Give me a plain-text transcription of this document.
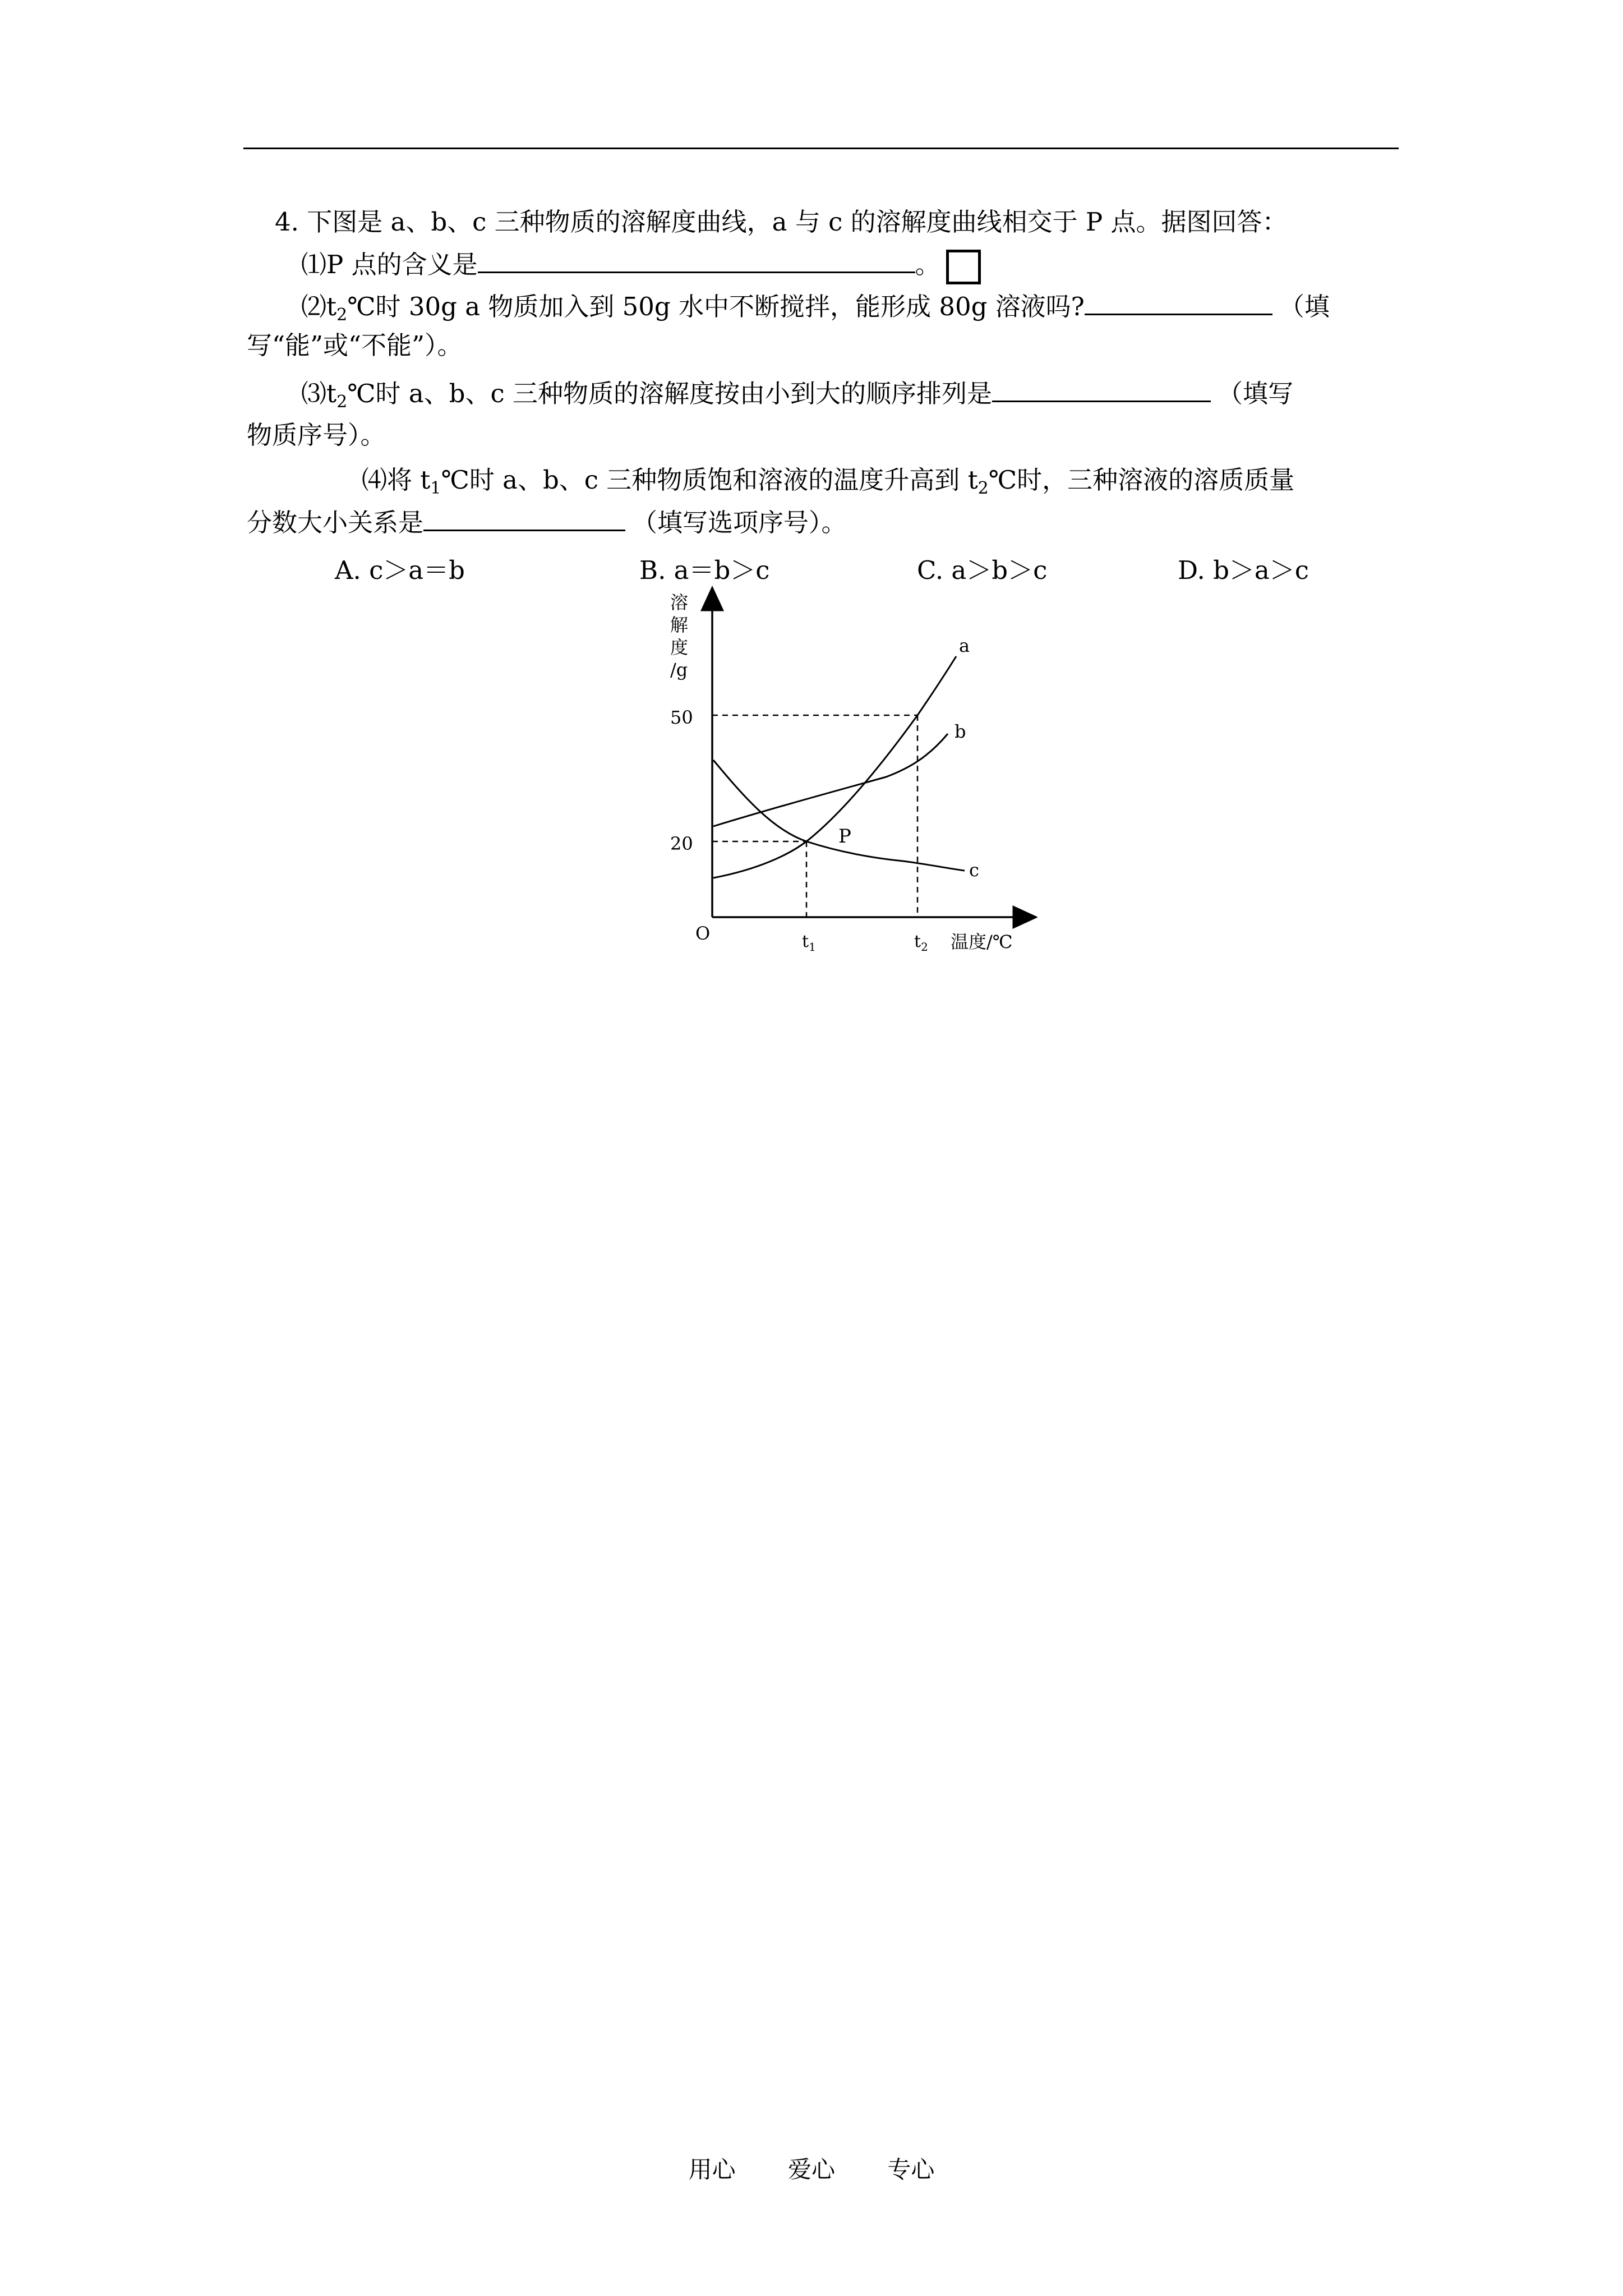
4. 下图是 a、b、c 三种物质的溶解度曲线，a 与 c 的溶解度曲线相交于 P 点。据图回答：
⑴P 点的含义是	。
$⑵t_2℃$时 30g a 物质加入到 50g 水中不断搅拌，能形成 80g 溶液吗?	（填
写“能”或“不能”）。
$⑶t_2℃$时 a、b、c 三种物质的溶解度按由小到大的顺序排列是	（填写
物质序号）。
⑷将 $t_1℃$时 a、b、c 三种物质饱和溶液的温度升高到 $t_2℃$时，三种溶液的溶质质量
分数大小关系是	（填写选项序号）。
A. c＞a＝b	B. a＝b＞c	C. a＞b＞c	D. b＞a＞c
溶
解
度
/g
50
20
O	$t_1$	$t_2$ 温度/℃
a
b
c
P
用心 爱心 专心
